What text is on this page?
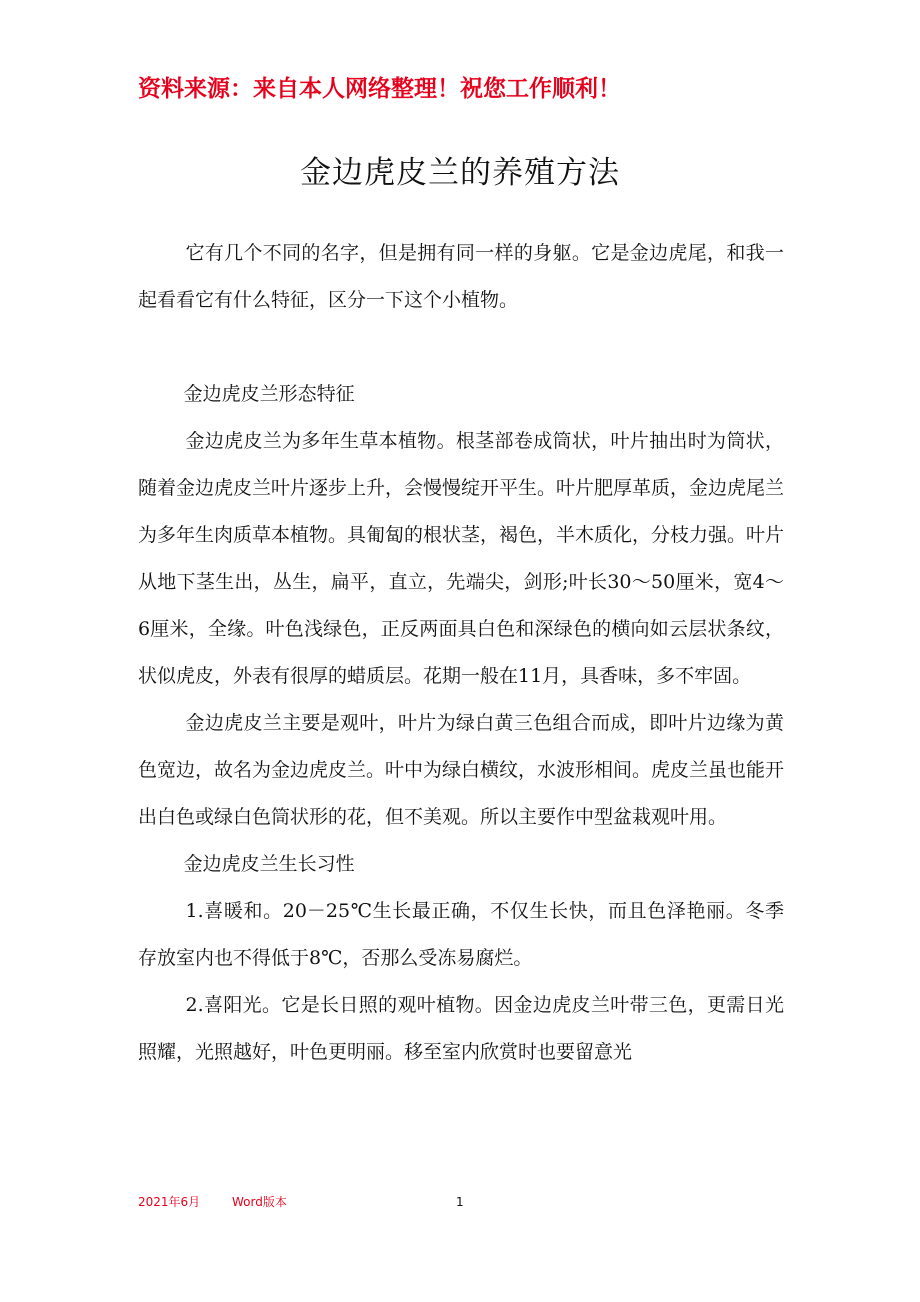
资料来源：来自本人网络整理！祝您工作顺利！
金边虎皮兰的养殖方法

它有几个不同的名字，但是拥有同一样的身躯。它是金边虎尾，和我一起看看它有什么特征，区分一下这个小植物。

金边虎皮兰形态特征

金边虎皮兰为多年生草本植物。根茎部卷成筒状，叶片抽出时为筒状，随着金边虎皮兰叶片逐步上升，会慢慢绽开平生。叶片肥厚革质，金边虎尾兰为多年生肉质草本植物。具匍匐的根状茎，褐色，半木质化，分枝力强。叶片从地下茎生出，丛生，扁平，直立，先端尖，剑形;叶长30～50厘米，宽4～6厘米，全缘。叶色浅绿色，正反两面具白色和深绿色的横向如云层状条纹，状似虎皮，外表有很厚的蜡质层。花期一般在11月，具香味，多不牢固。

金边虎皮兰主要是观叶，叶片为绿白黄三色组合而成，即叶片边缘为黄色宽边，故名为金边虎皮兰。叶中为绿白横纹，水波形相间。虎皮兰虽也能开出白色或绿白色筒状形的花，但不美观。所以主要作中型盆栽观叶用。

金边虎皮兰生长习性

1.喜暖和。20－25℃生长最正确，不仅生长快，而且色泽艳丽。冬季存放室内也不得低于8℃，否那么受冻易腐烂。

2.喜阳光。它是长日照的观叶植物。因金边虎皮兰叶带三色，更需日光照耀，光照越好，叶色更明丽。移至室内欣赏时也要留意光

2021年6月	Word版本	1
